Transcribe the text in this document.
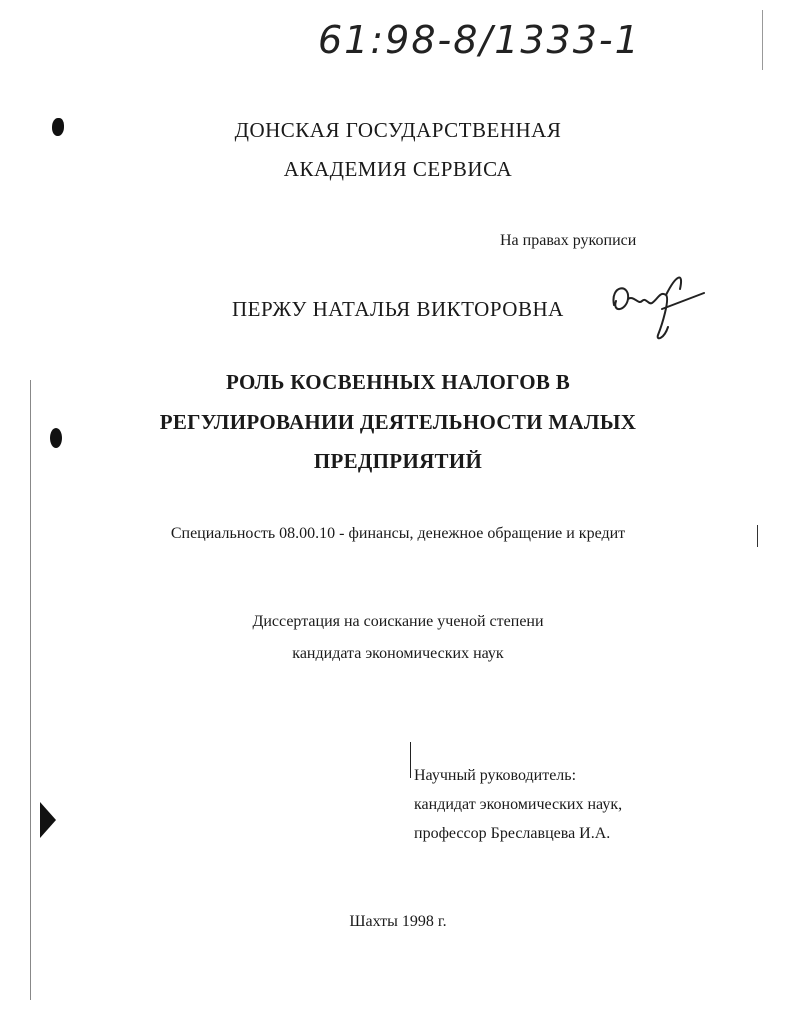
61:98-8/1333-1
ДОНСКАЯ ГОСУДАРСТВЕННАЯ
АКАДЕМИЯ СЕРВИСА
На правах рукописи
ПЕРЖУ НАТАЛЬЯ ВИКТОРОВНА
Перж
РОЛЬ КОСВЕННЫХ НАЛОГОВ В
РЕГУЛИРОВАНИИ ДЕЯТЕЛЬНОСТИ МАЛЫХ
ПРЕДПРИЯТИЙ
Специальность 08.00.10 - финансы, денежное обращение и кредит
Диссертация на соискание ученой степени
кандидата экономических наук
Научный руководитель:
кандидат экономических наук,
профессор Бреславцева И.А.
Шахты 1998 г.
